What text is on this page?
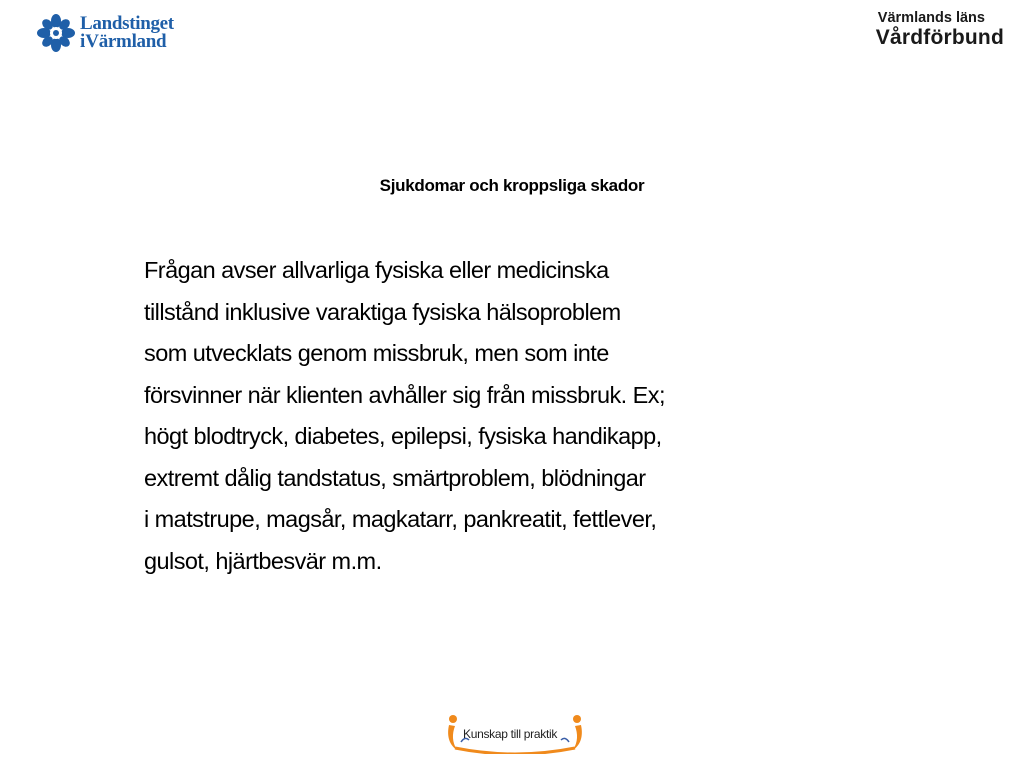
Landstinget
i Värmland
Värmlands läns
Vårdförbund
Sjukdomar och kroppsliga skador
Frågan avser allvarliga fysiska eller medicinska
tillstånd inklusive varaktiga fysiska hälsoproblem
som utvecklats genom missbruk, men som inte
försvinner när klienten avhåller sig från missbruk. Ex;
högt blodtryck, diabetes, epilepsi, fysiska handikapp,
extremt dålig tandstatus, smärtproblem, blödningar
i matstrupe, magsår, magkatarr, pankreatit, fettlever,
gulsot, hjärtbesvär m.m.
Kunskap till praktik
